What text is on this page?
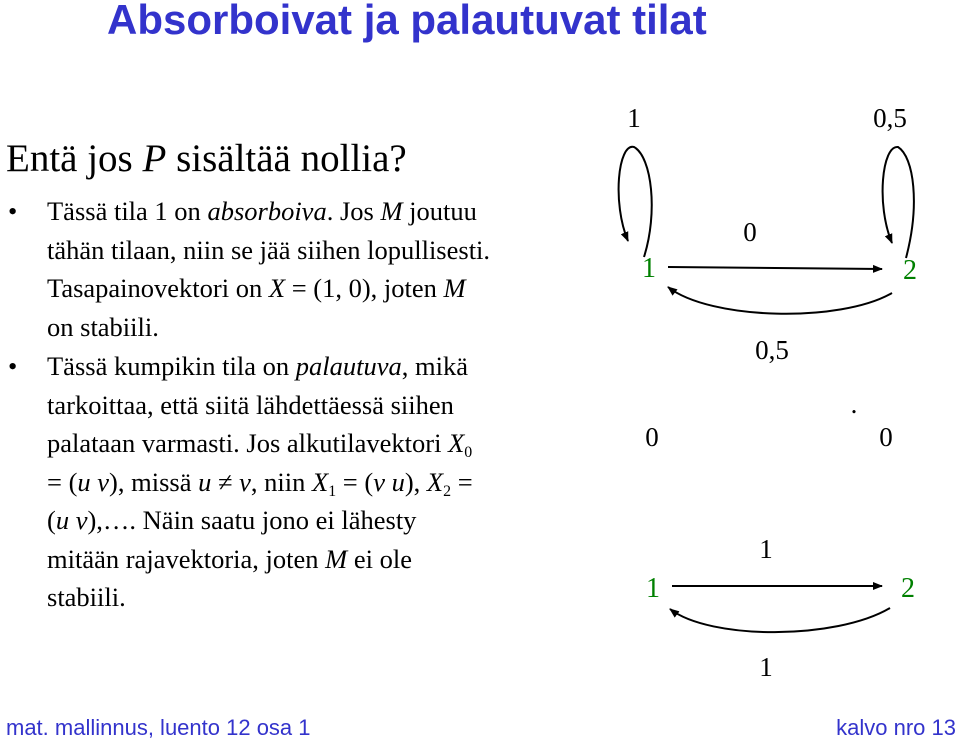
Absorboivat ja palautuvat tilat
Entä jos P sisältää nollia?
• Tässä tila 1 on absorboiva. Jos M joutuu
tähän tilaan, niin se jää siihen lopullisesti.
Tasapainovektori on X = (1, 0), joten M
on stabiili.
• Tässä kumpikin tila on palautuva, mikä
tarkoittaa, että siitä lähdettäessä siihen
palataan varmasti. Jos alkutilavektori $X_0$
= (u v), missä u ≠ v, niin $X_1 = (v$ u), $X_2$ =
(u v),…. Näin saatu jono ei lähesty
mitään rajavektoria, joten M ei ole
stabiili.
1	0,5
1	2
0
0,5
.
0	0
1	2
1
1
mat. mallinnus, luento 12 osa 1	kalvo nro 13
